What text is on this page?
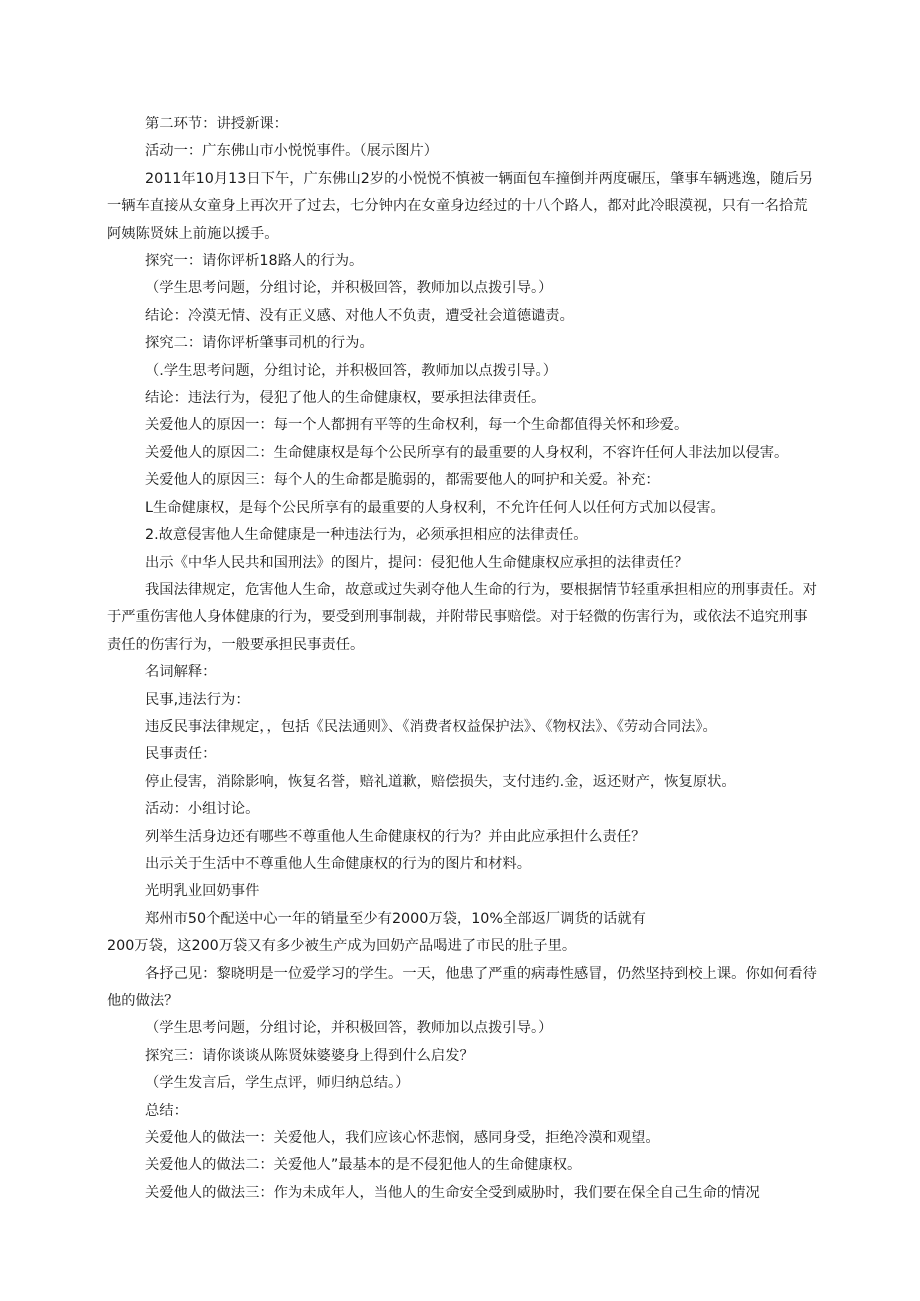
第二环节：讲授新课：

活动一：广东佛山市小悦悦事件。（展示图片）

2011年10月13日下午，广东佛山2岁的小悦悦不慎被一辆面包车撞倒并两度碾压，肇事车辆逃逸，随后另一辆车直接从女童身上再次开了过去，七分钟内在女童身边经过的十八个路人，都对此冷眼漠视，只有一名拾荒阿姨陈贤妹上前施以援手。

探究一：请你评析18路人的行为。

（学生思考问题，分组讨论，并积极回答，教师加以点拨引导。）

结论：冷漠无情、没有正义感、对他人不负责，遭受社会道德谴责。

探究二：请你评析肇事司机的行为。

（.学生思考问题，分组讨论，并积极回答，教师加以点拨引导。）

结论：违法行为，侵犯了他人的生命健康权，要承担法律责任。

关爱他人的原因一：每一个人都拥有平等的生命权利，每一个生命都值得关怀和珍爱。

关爱他人的原因二：生命健康权是每个公民所享有的最重要的人身权利，不容许任何人非法加以侵害。

关爱他人的原因三：每个人的生命都是脆弱的，都需要他人的呵护和关爱。补充：

L生命健康权，是每个公民所享有的最重要的人身权利，不允许任何人以任何方式加以侵害。

2.故意侵害他人生命健康是一种违法行为，必须承担相应的法律责任。

出示《中华人民共和国刑法》的图片，提问：侵犯他人生命健康权应承担的法律责任？

我国法律规定，危害他人生命，故意或过失剥夺他人生命的行为，要根据情节轻重承担相应的刑事责任。对于严重伤害他人身体健康的行为，要受到刑事制裁，并附带民事赔偿。对于轻微的伤害行为，或依法不追究刑事责任的伤害行为，一般要承担民事责任。

名词解释：

民事,违法行为：

违反民事法律规定，，包括《民法通则》、《消费者权益保护法》、《物权法》、《劳动合同法》。

民事责任：

停止侵害，消除影响，恢复名誉，赔礼道歉，赔偿损失，支付违约.金，返还财产，恢复原状。

活动：小组讨论。

列举生活身边还有哪些不尊重他人生命健康权的行为？并由此应承担什么责任？

出示关于生活中不尊重他人生命健康权的行为的图片和材料。

光明乳业回奶事件

郑州市50个配送中心一年的销量至少有2000万袋，10%全部返厂调货的话就有

200万袋，这200万袋又有多少被生产成为回奶产品喝进了市民的肚子里。

各抒己见：黎晓明是一位爱学习的学生。一天，他患了严重的病毒性感冒，仍然坚持到校上课。你如何看待他的做法？

（学生思考问题，分组讨论，并积极回答，教师加以点拨引导。）

探究三：请你谈谈从陈贤妹婆婆身上得到什么启发？

（学生发言后，学生点评，师归纳总结。）

总结：

关爱他人的做法一：关爱他人，我们应该心怀悲悯，感同身受，拒绝冷漠和观望。

关爱他人的做法二：关爱他人”最基本的是不侵犯他人的生命健康权。

关爱他人的做法三：作为未成年人，当他人的生命安全受到威胁时，我们要在保全自己生命的情况
